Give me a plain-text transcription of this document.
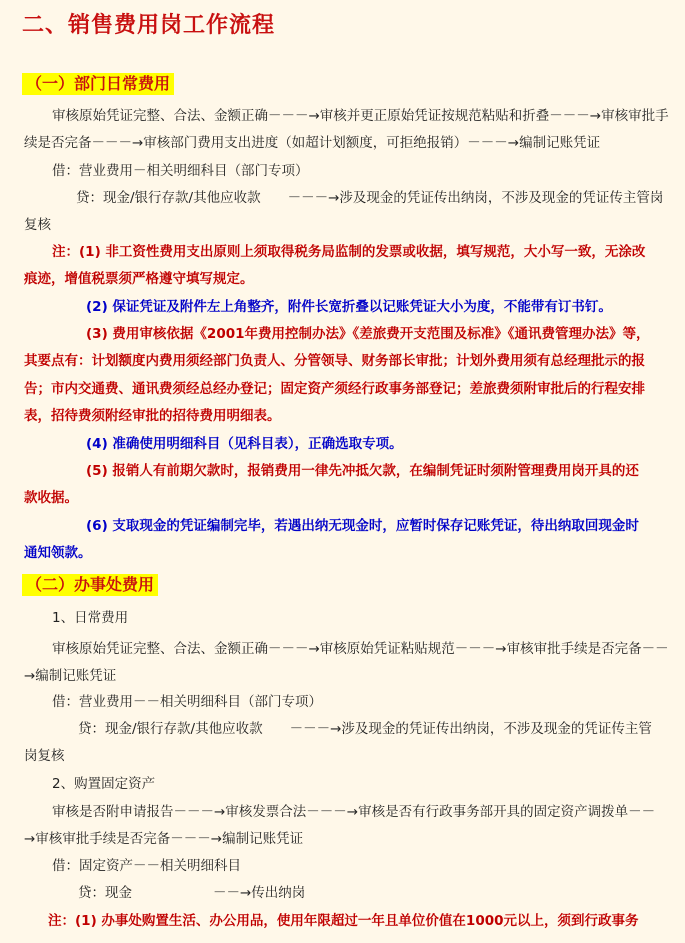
二、销售费用岗工作流程
（一）部门日常费用
审核原始凭证完整、合法、金额正确－－－→审核并更正原始凭证按规范粘贴和折叠－－－→审核审批手
续是否完备－－－→审核部门费用支出进度（如超计划额度，可拒绝报销）－－－→编制记账凭证
借：营业费用－相关明细科目（部门专项）
贷：现金/银行存款/其他应收款　　－－－→涉及现金的凭证传出纳岗，不涉及现金的凭证传主管岗
复核
注：(1) 非工资性费用支出原则上须取得税务局监制的发票或收据，填写规范，大小写一致，无涂改
痕迹，增值税票须严格遵守填写规定。
(2) 保证凭证及附件左上角整齐，附件长宽折叠以记账凭证大小为度，不能带有订书钉。
(3) 费用审核依据《2001年费用控制办法》《差旅费开支范围及标准》《通讯费管理办法》等，
其要点有：计划额度内费用须经部门负责人、分管领导、财务部长审批；计划外费用须有总经理批示的报
告；市内交通费、通讯费须经总经办登记；固定资产须经行政事务部登记；差旅费须附审批后的行程安排
表，招待费须附经审批的招待费用明细表。
(4) 准确使用明细科目（见科目表），正确选取专项。
(5) 报销人有前期欠款时，报销费用一律先冲抵欠款，在编制凭证时须附管理费用岗开具的还
款收据。
(6) 支取现金的凭证编制完毕，若遇出纳无现金时，应暂时保存记账凭证，待出纳取回现金时
通知领款。
（二）办事处费用
1、日常费用
审核原始凭证完整、合法、金额正确－－－→审核原始凭证粘贴规范－－－→审核审批手续是否完备－－
→编制记账凭证
借：营业费用－－相关明细科目（部门专项）
贷：现金/银行存款/其他应收款　　－－－→涉及现金的凭证传出纳岗，不涉及现金的凭证传主管
岗复核
2、购置固定资产
审核是否附申请报告－－－→审核发票合法－－－→审核是否有行政事务部开具的固定资产调拨单－－
→审核审批手续是否完备－－－→编制记账凭证
借：固定资产－－相关明细科目
贷：现金　　　　　　－－→传出纳岗
注：(1) 办事处购置生活、办公用品，使用年限超过一年且单位价值在1000元以上，须到行政事务
